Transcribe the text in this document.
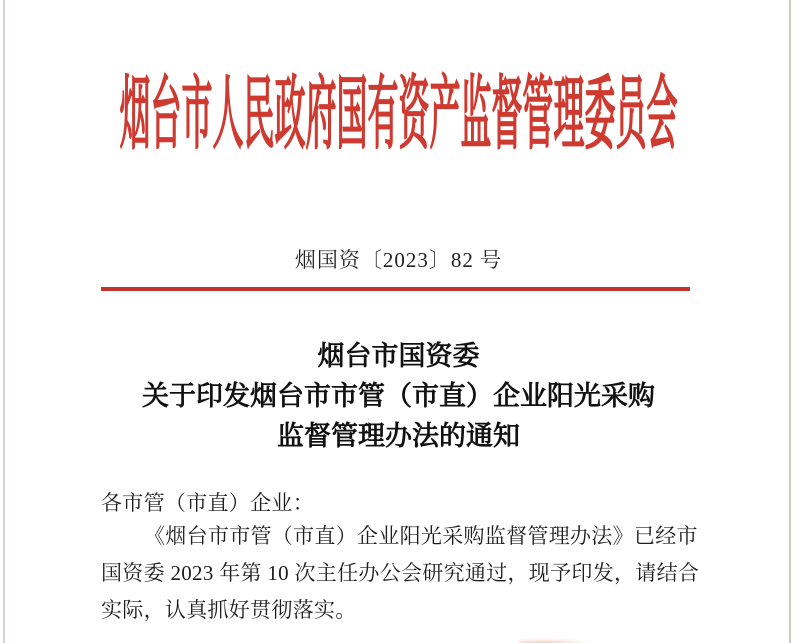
烟台市人民政府国有资产监督管理委员会
烟国资〔2023〕82 号
烟台市国资委
关于印发烟台市市管（市直）企业阳光采购
监督管理办法的通知
各市管（市直）企业：
《烟台市市管（市直）企业阳光采购监督管理办法》已经市
国资委 2023 年第 10 次主任办公会研究通过，现予印发，请结合
实际，认真抓好贯彻落实。
